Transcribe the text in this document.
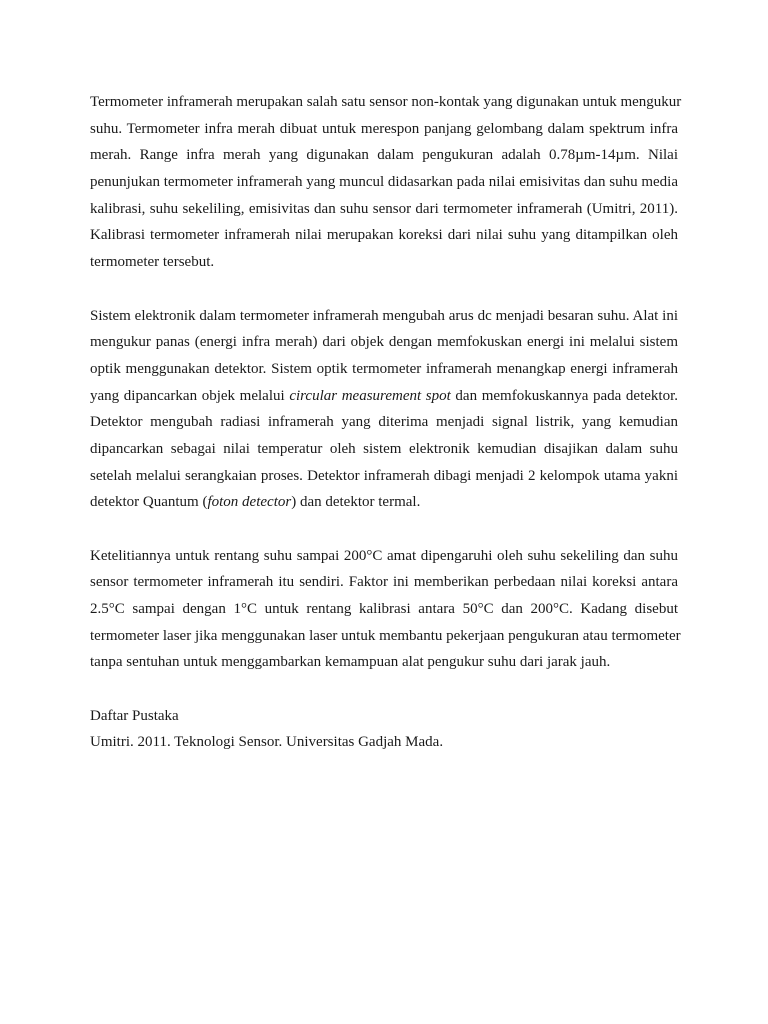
Termometer inframerah merupakan salah satu sensor non-kontak yang digunakan untuk mengukur
suhu. Termometer infra merah dibuat untuk merespon panjang gelombang dalam spektrum infra
merah. Range infra merah yang digunakan dalam pengukuran adalah 0.78µm-14µm. Nilai
penunjukan termometer inframerah yang muncul didasarkan pada nilai emisivitas dan suhu media
kalibrasi, suhu sekeliling, emisivitas dan suhu sensor dari termometer inframerah (Umitri, 2011).
Kalibrasi termometer inframerah nilai merupakan koreksi dari nilai suhu yang ditampilkan oleh
termometer tersebut.
Sistem elektronik dalam termometer inframerah mengubah arus dc menjadi besaran suhu. Alat ini
mengukur panas (energi infra merah) dari objek dengan memfokuskan energi ini melalui sistem
optik menggunakan detektor. Sistem optik termometer inframerah menangkap energi inframerah
yang dipancarkan objek melalui circular measurement spot dan memfokuskannya pada detektor.
Detektor mengubah radiasi inframerah yang diterima menjadi signal listrik, yang kemudian
dipancarkan sebagai nilai temperatur oleh sistem elektronik kemudian disajikan dalam suhu
setelah melalui serangkaian proses. Detektor inframerah dibagi menjadi 2 kelompok utama yakni
detektor Quantum (foton detector) dan detektor termal.
Ketelitiannya untuk rentang suhu sampai 200°C amat dipengaruhi oleh suhu sekeliling dan suhu
sensor termometer inframerah itu sendiri. Faktor ini memberikan perbedaan nilai koreksi antara
2.5°C sampai dengan 1°C untuk rentang kalibrasi antara 50°C dan 200°C. Kadang disebut
termometer laser jika menggunakan laser untuk membantu pekerjaan pengukuran atau termometer
tanpa sentuhan untuk menggambarkan kemampuan alat pengukur suhu dari jarak jauh.
Daftar Pustaka
Umitri. 2011. Teknologi Sensor. Universitas Gadjah Mada.
